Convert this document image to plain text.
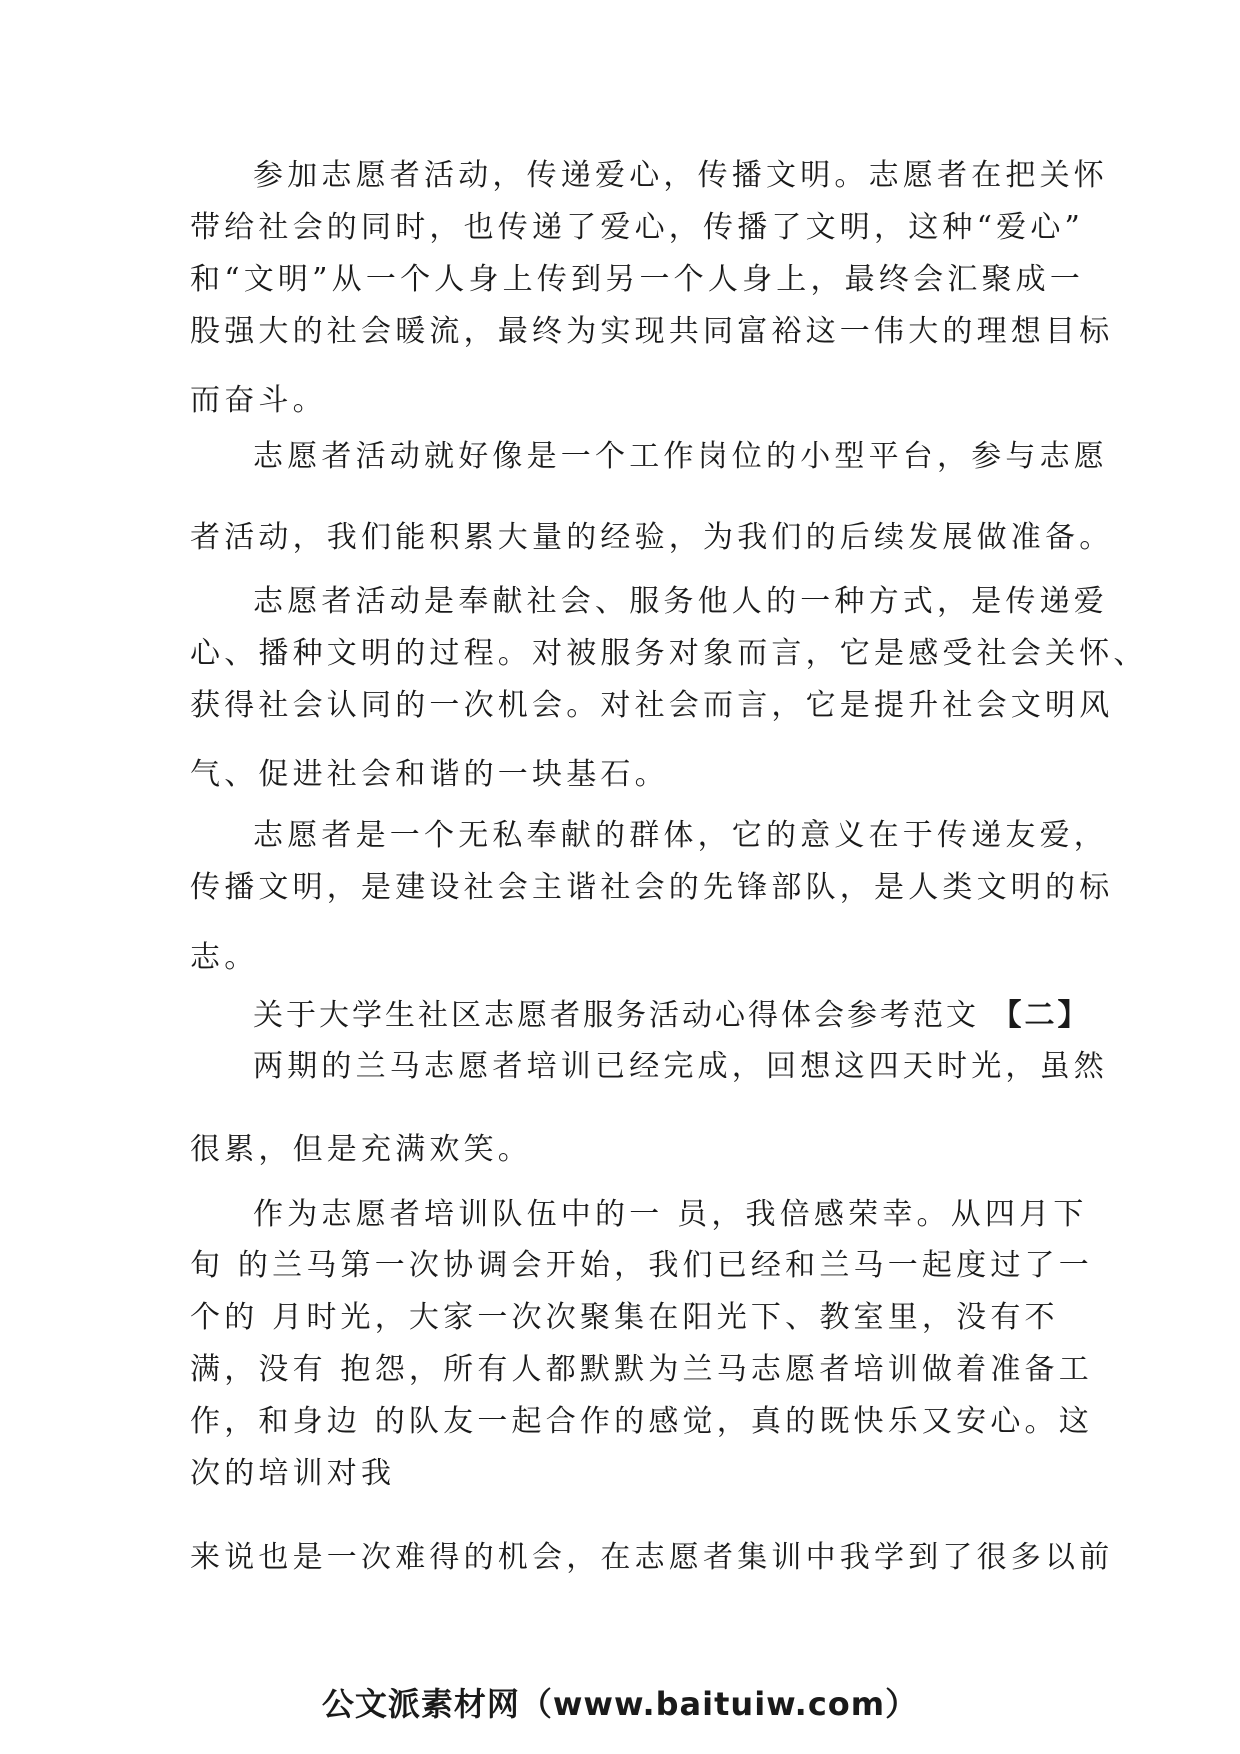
参加志愿者活动，传递爱心，传播文明。志愿者在把关怀
带给社会的同时，也传递了爱心，传播了文明，这种“爱心”
和“文明”从一个人身上传到另一个人身上，最终会汇聚成一
股强大的社会暖流，最终为实现共同富裕这一伟大的理想目标
而奋斗。
志愿者活动就好像是一个工作岗位的小型平台，参与志愿
者活动，我们能积累大量的经验，为我们的后续发展做准备。
志愿者活动是奉献社会、服务他人的一种方式，是传递爱
心、播种文明的过程。对被服务对象而言，它是感受社会关怀、
获得社会认同的一次机会。对社会而言，它是提升社会文明风
气、促进社会和谐的一块基石。
志愿者是一个无私奉献的群体，它的意义在于传递友爱，
传播文明，是建设社会主谐社会的先锋部队，是人类文明的标
志。
关于大学生社区志愿者服务活动心得体会参考范文 【二】
两期的兰马志愿者培训已经完成，回想这四天时光，虽然
很累，但是充满欢笑。
作为志愿者培训队伍中的一 员，我倍感荣幸。从四月下
旬 的兰马第一次协调会开始，我们已经和兰马一起度过了一
个的 月时光，大家一次次聚集在阳光下、教室里，没有不
满，没有 抱怨，所有人都默默为兰马志愿者培训做着准备工
作，和身边 的队友一起合作的感觉，真的既快乐又安心。这
次的培训对我
来说也是一次难得的机会，在志愿者集训中我学到了很多以前
公文派素材网（www.baituiw.com）
